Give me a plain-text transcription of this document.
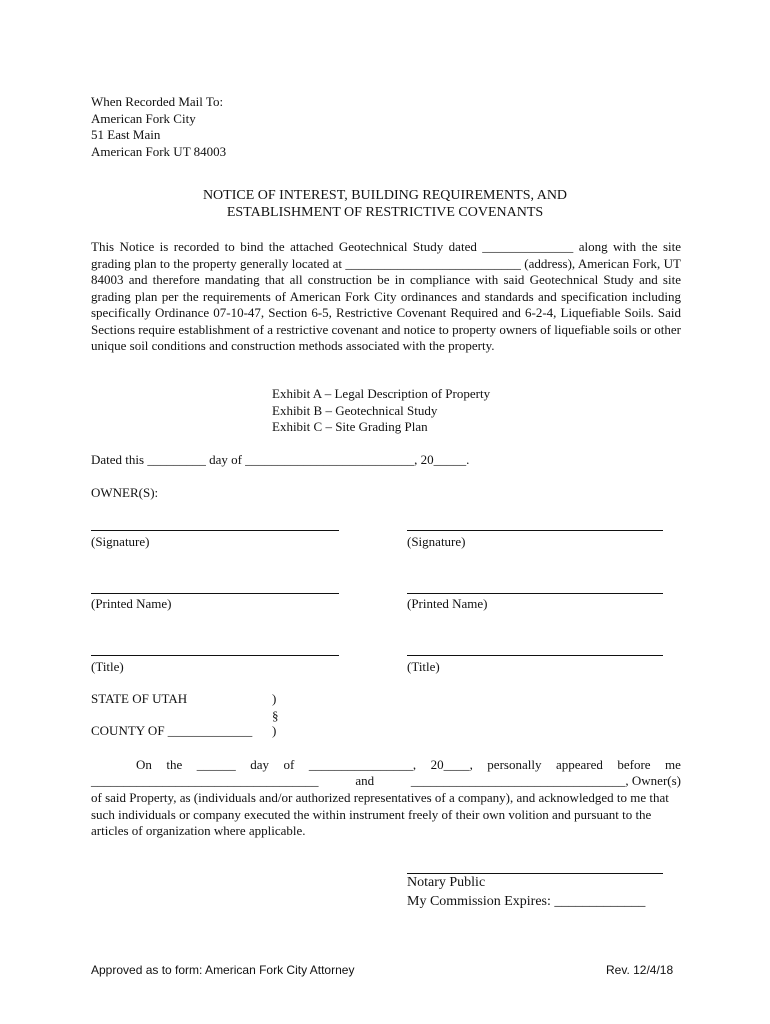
When Recorded Mail To:
American Fork City
51 East Main
American Fork UT 84003
NOTICE OF INTEREST, BUILDING REQUIREMENTS, AND
ESTABLISHMENT OF RESTRICTIVE COVENANTS
This Notice is recorded to bind the attached Geotechnical Study dated ______________ along with the site grading plan to the property generally located at ___________________________ (address), American Fork, UT 84003 and therefore mandating that all construction be in compliance with said Geotechnical Study and site grading plan per the requirements of American Fork City ordinances and standards and specification including specifically Ordinance 07-10-47, Section 6-5, Restrictive Covenant Required and 6-2-4, Liquefiable Soils. Said Sections require establishment of a restrictive covenant and notice to property owners of liquefiable soils or other unique soil conditions and construction methods associated with the property.
Exhibit A – Legal Description of Property
Exhibit B – Geotechnical Study
Exhibit C – Site Grading Plan
Dated this _________ day of __________________________, 20_____.
OWNER(S):
(Signature)
(Printed Name)
(Title)
(Signature)
(Printed Name)
(Title)
STATE OF UTAH	)
§
COUNTY OF _____________ )
On the ______ day of ________________, 20____, personally appeared before me
___________________________________	and	_________________________________, Owner(s)
of said Property, as (individuals and/or authorized representatives of a company), and acknowledged to me that such individuals or company executed the within instrument freely of their own volition and pursuant to the articles of organization where applicable.
Notary Public
My Commission Expires: _____________
Approved as to form: American Fork City Attorney	Rev. 12/4/18
